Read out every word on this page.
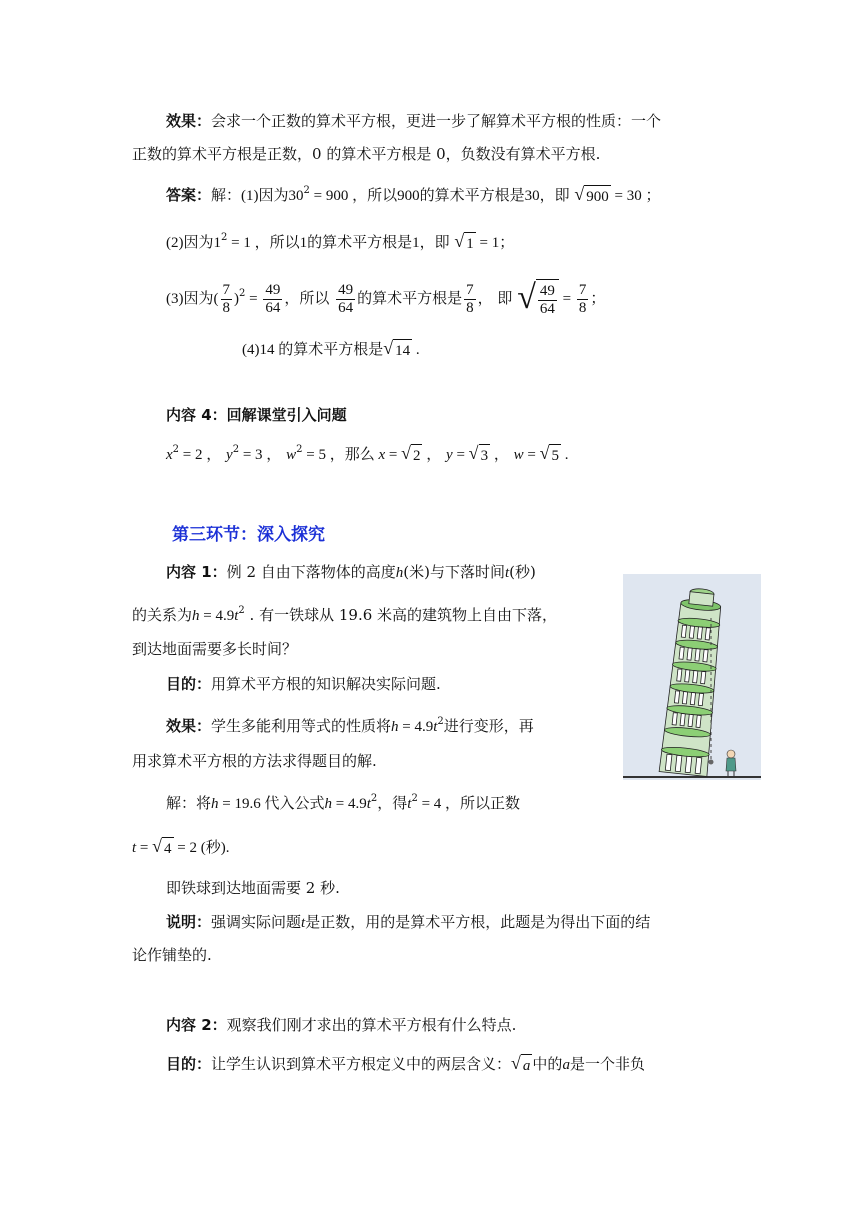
效果：会求一个正数的算术平方根，更进一步了解算术平方根的性质：一个
正数的算术平方根是正数，0 的算术平方根是 0，负数没有算术平方根.
答案：解：(1)因为$30^2 = 900$ ，所以900的算术平方根是30，即 √ 900 = 30 ；
(2)因为$1^2 = 1$ ，所以1的算术平方根是1，即 √ 1 = 1；
(3)因为( $\frac{7}{8} )^2 = \frac{49}{64}$ ，所以 $\frac{49}{64}$ 的算术平方根是 $\frac{7}{8}$ ， 即 √ $\frac{49}{64} = \frac{7}{8}$ ；
(4)14 的算术平方根是 √ 14 .
内容 4：回解课堂引入问题
$x^2 = 2$ ， $y^2 = 3$ ， $w^2 = 5$ ，那么 x = √ 2 ， y = √ 3 ， w = √ 5 .
第三环节：深入探究
内容 1：例 2 自由下落物体的高度h(米)与下落时间t(秒)
的关系为$h = 4.9t^2$ . 有一铁球从 19.6 米高的建筑物上自由下落，
到达地面需要多长时间？
目的：用算术平方根的知识解决实际问题.
效果：学生多能利用等式的性质将$h = 4.9t^2$进行变形，再
用求算术平方根的方法求得题目的解.
解：将h = 19.6 代入公式$h = 4.9t^2$，得$t^2 = 4$ ，所以正数
t = √ 4 = 2 (秒).
即铁球到达地面需要 2 秒.
说明：强调实际问题t是正数，用的是算术平方根，此题是为得出下面的结
论作铺垫的.
内容 2：观察我们刚才求出的算术平方根有什么特点.
目的：让学生认识到算术平方根定义中的两层含义： √ a 中的a是一个非负
